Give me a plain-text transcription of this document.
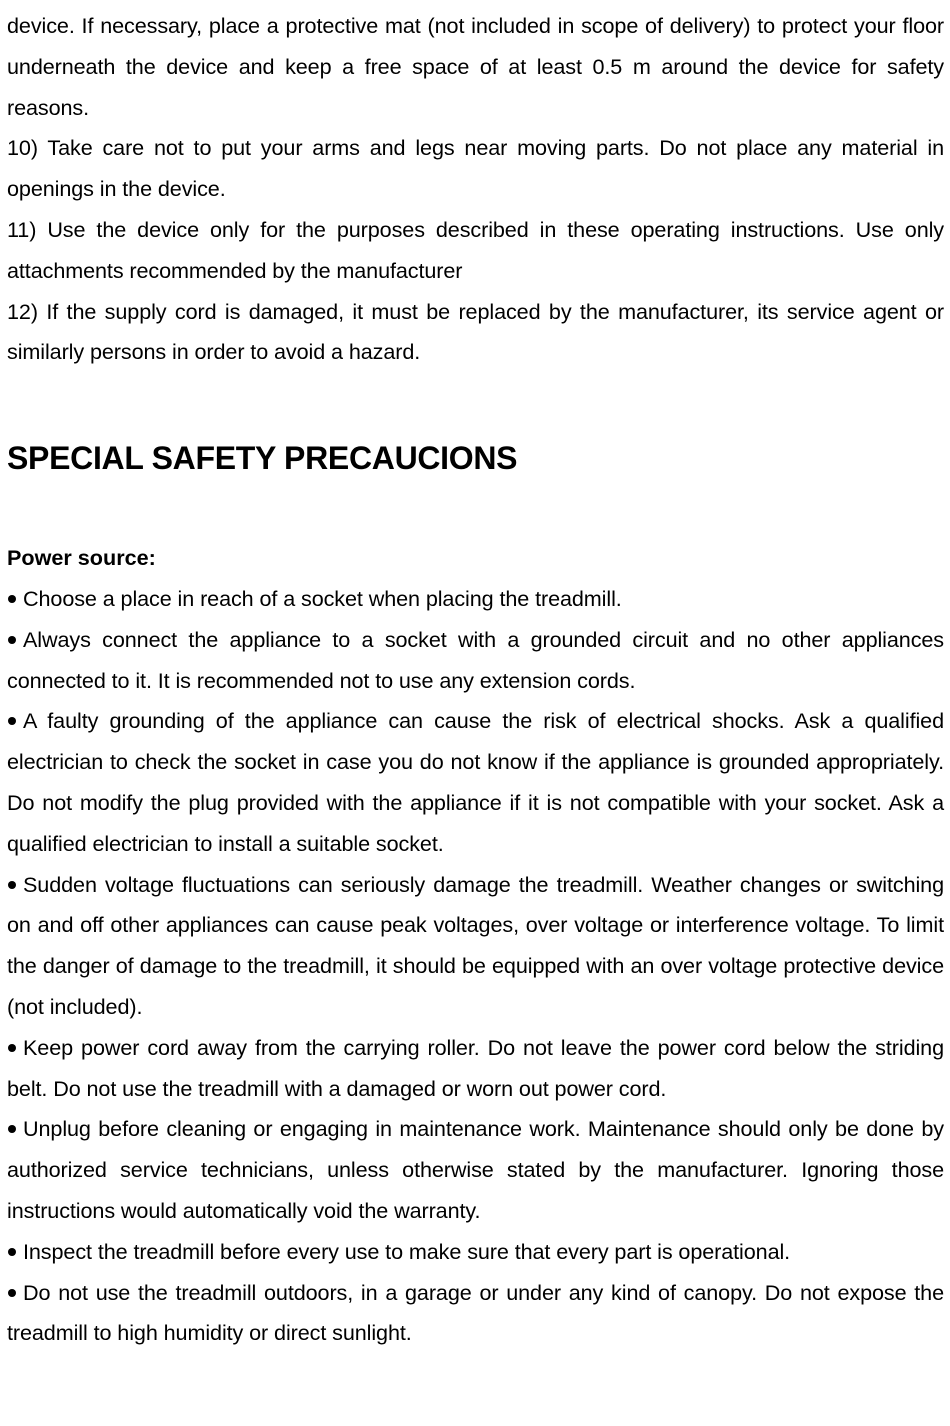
device. If necessary, place a protective mat (not included in scope of delivery) to protect your floor underneath the device and keep a free space of at least 0.5 m around the device for safety reasons.

10) Take care not to put your arms and legs near moving parts. Do not place any material in openings in the device.

11) Use the device only for the purposes described in these operating instructions. Use only attachments recommended by the manufacturer

12) If the supply cord is damaged, it must be replaced by the manufacturer, its service agent or similarly persons in order to avoid a hazard.

SPECIAL SAFETY PRECAUCIONS
Power source:

Choose a place in reach of a socket when placing the treadmill.

Always connect the appliance to a socket with a grounded circuit and no other appliances connected to it. It is recommended not to use any extension cords.

A faulty grounding of the appliance can cause the risk of electrical shocks. Ask a qualified electrician to check the socket in case you do not know if the appliance is grounded appropriately. Do not modify the plug provided with the appliance if it is not compatible with your socket. Ask a qualified electrician to install a suitable socket.

Sudden voltage fluctuations can seriously damage the treadmill. Weather changes or switching on and off other appliances can cause peak voltages, over voltage or interference voltage. To limit the danger of damage to the treadmill, it should be equipped with an over voltage protective device (not included).

Keep power cord away from the carrying roller. Do not leave the power cord below the striding belt. Do not use the treadmill with a damaged or worn out power cord.

Unplug before cleaning or engaging in maintenance work. Maintenance should only be done by authorized service technicians, unless otherwise stated by the manufacturer. Ignoring those instructions would automatically void the warranty.

Inspect the treadmill before every use to make sure that every part is operational.

Do not use the treadmill outdoors, in a garage or under any kind of canopy. Do not expose the treadmill to high humidity or direct sunlight.
